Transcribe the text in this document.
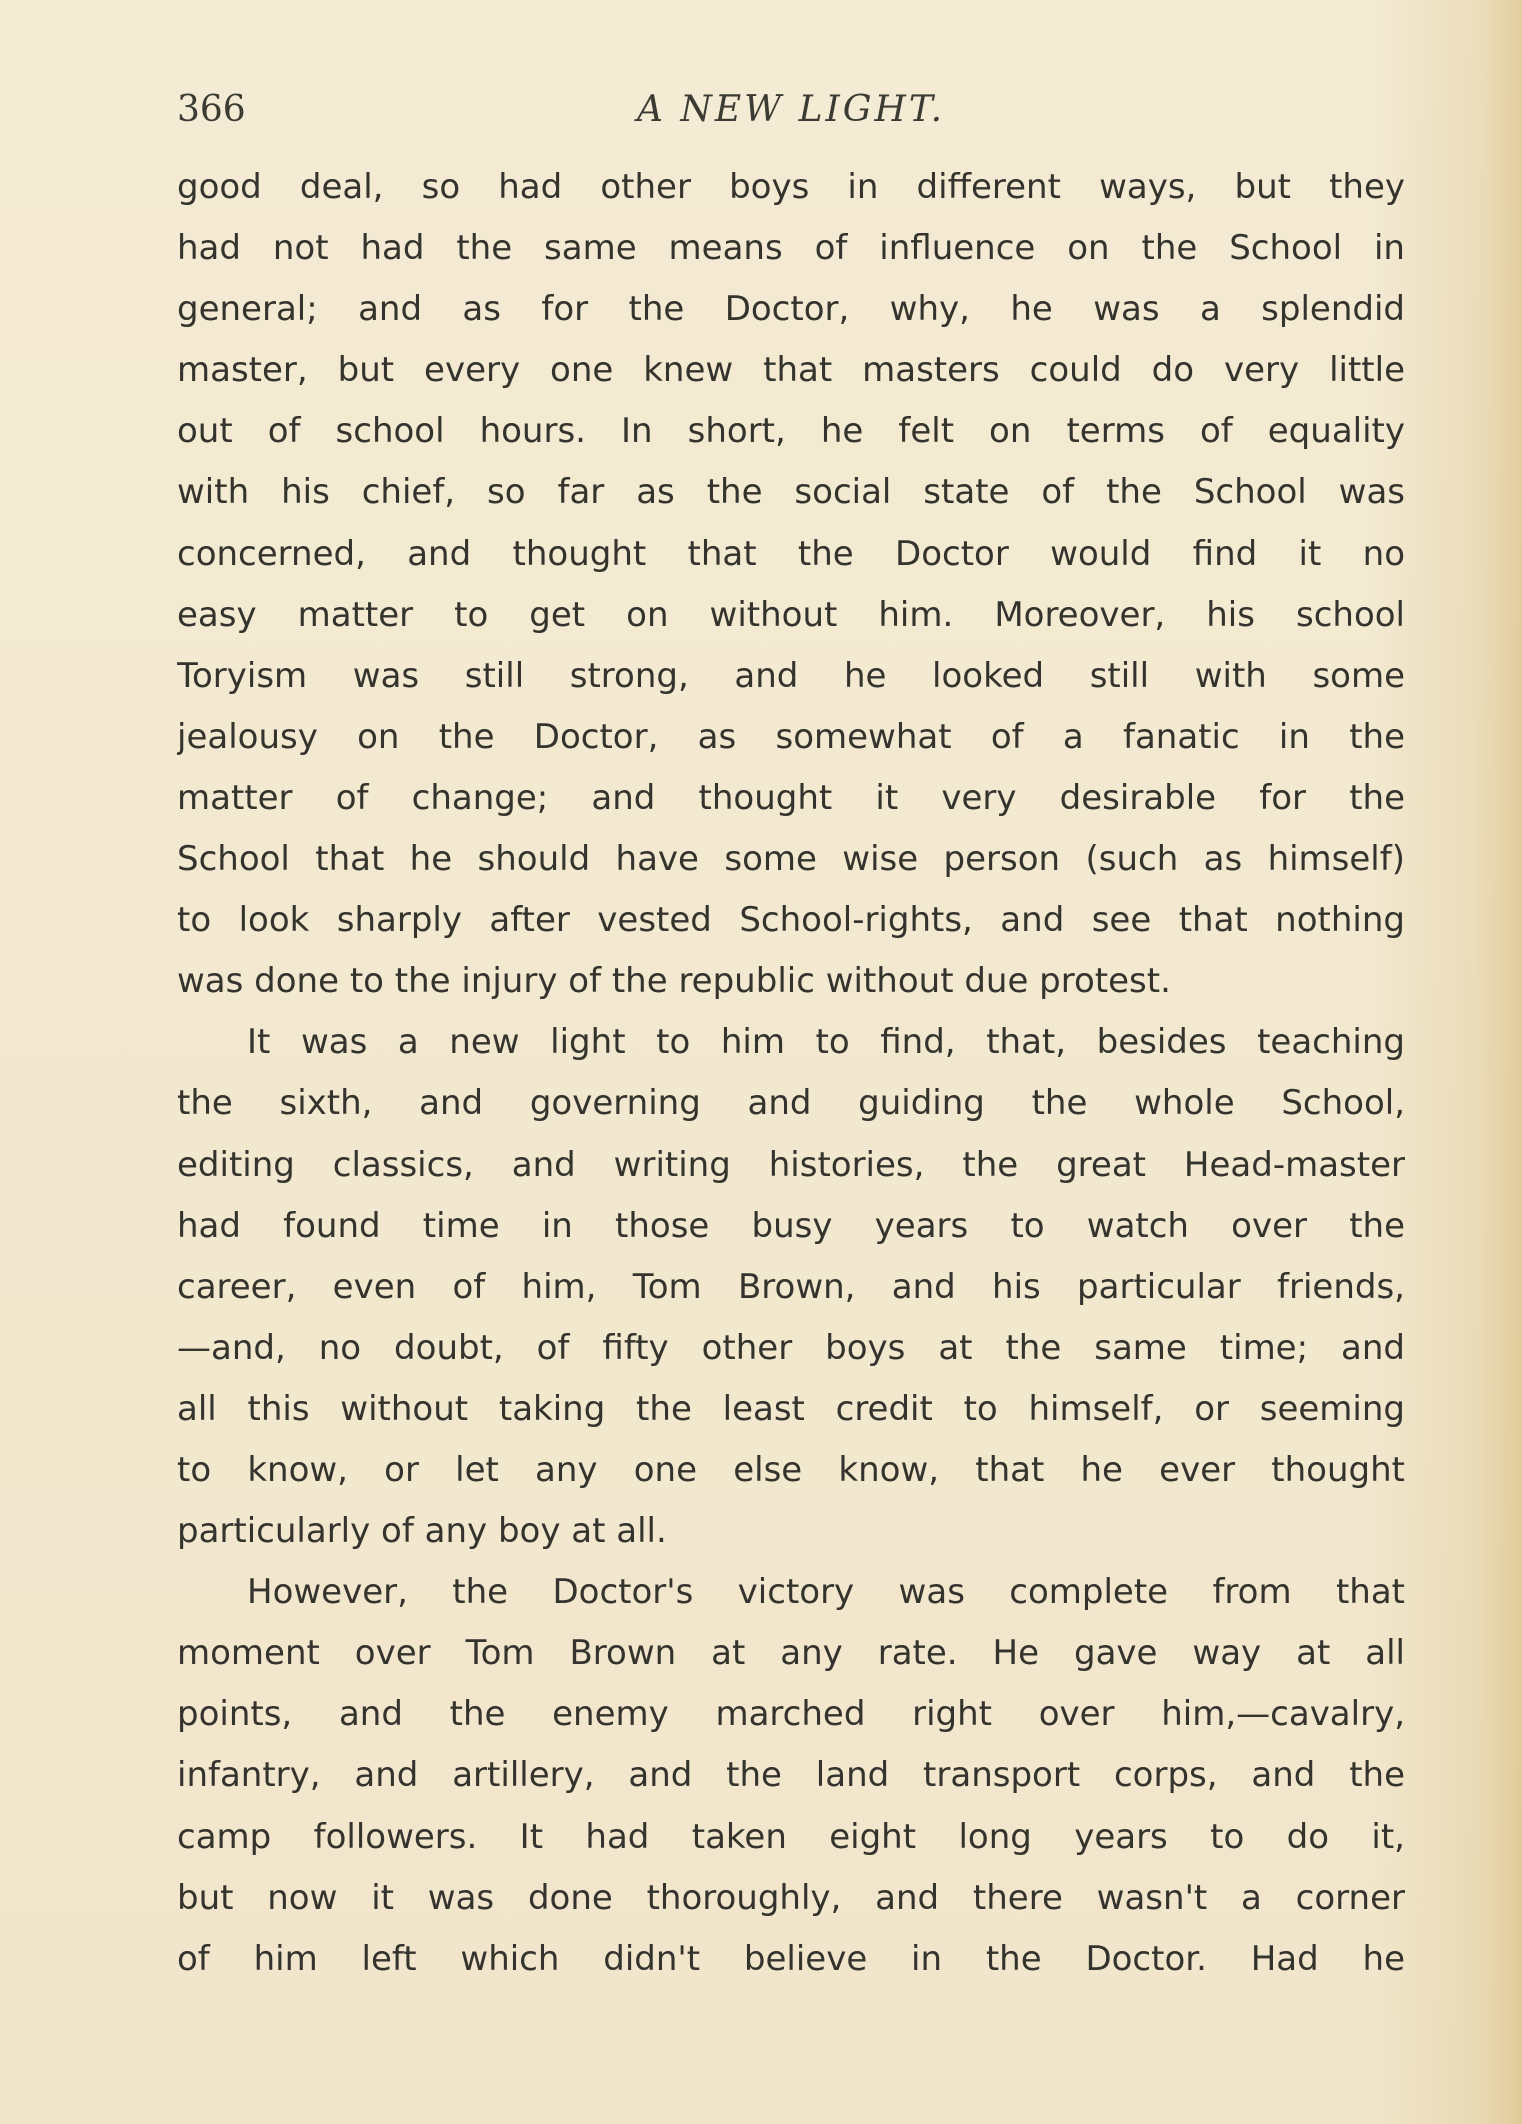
366	A NEW LIGHT.
good deal, so had other boys in different ways, but they
had not had the same means of influence on the School in
general; and as for the Doctor, why, he was a splendid
master, but every one knew that masters could do very little
out of school hours. In short, he felt on terms of equality
with his chief, so far as the social state of the School was
concerned, and thought that the Doctor would find it no
easy matter to get on without him. Moreover, his school
Toryism was still strong, and he looked still with some
jealousy on the Doctor, as somewhat of a fanatic in the
matter of change; and thought it very desirable for the
School that he should have some wise person (such as himself)
to look sharply after vested School-rights, and see that nothing
was done to the injury of the republic without due protest.
It was a new light to him to find, that, besides teaching
the sixth, and governing and guiding the whole School,
editing classics, and writing histories, the great Head-master
had found time in those busy years to watch over the
career, even of him, Tom Brown, and his particular friends,
—and, no doubt, of fifty other boys at the same time; and
all this without taking the least credit to himself, or seeming
to know, or let any one else know, that he ever thought
particularly of any boy at all.
However, the Doctor's victory was complete from that
moment over Tom Brown at any rate. He gave way at all
points, and the enemy marched right over him,—cavalry,
infantry, and artillery, and the land transport corps, and the
camp followers. It had taken eight long years to do it,
but now it was done thoroughly, and there wasn't a corner
of him left which didn't believe in the Doctor. Had he
